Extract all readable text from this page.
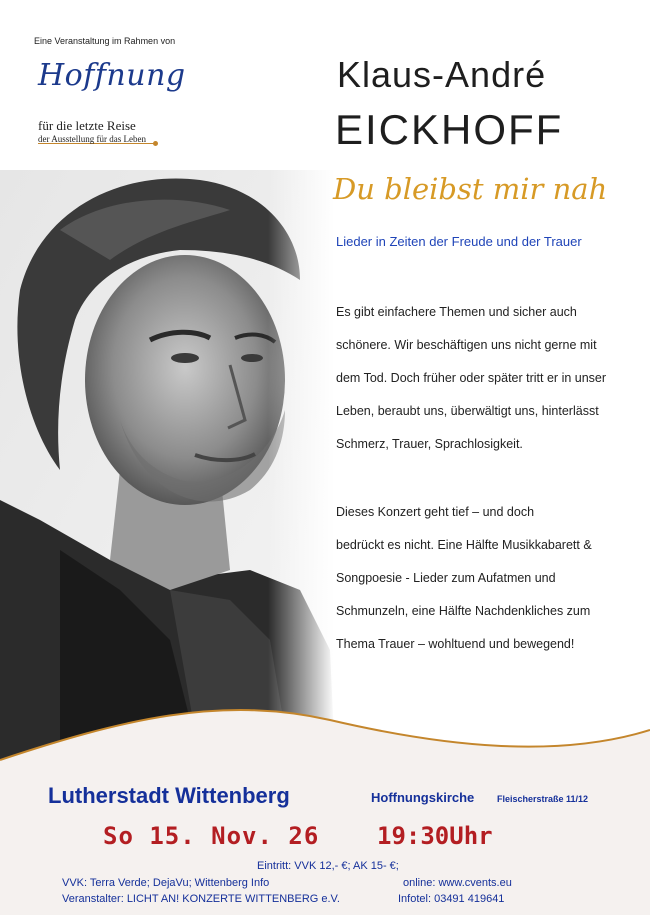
Eine Veranstaltung im Rahmen von
Hoffnung
für die letzte Reise
der Ausstellung für das Leben
Klaus-André
EICKHOFF
Du bleibst mir nah
Lieder in Zeiten der Freude und der Trauer
Es gibt einfachere Themen und sicher auch
schönere. Wir beschäftigen uns nicht gerne mit
dem Tod. Doch früher oder später tritt er in unser
Leben, beraubt uns, überwältigt uns, hinterlässt
Schmerz, Trauer, Sprachlosigkeit.
Dieses Konzert geht tief – und doch
bedrückt es nicht. Eine Hälfte Musikkabarett &
Songpoesie - Lieder zum Aufatmen und
Schmunzeln, eine Hälfte Nachdenkliches zum
Thema Trauer – wohltuend und bewegend!
Lutherstadt Wittenberg	Hoffnungskirche	Fleischerstraße 11/12
So 15. Nov. 26 19:30Uhr
Eintritt: VVK 12,- €; AK 15- €;
VVK: Terra Verde; DejaVu; Wittenberg Info	online: www.cvents.eu
Veranstalter: LICHT AN! KONZERTE WITTENBERG e.V.	Infotel: 03491 419641
